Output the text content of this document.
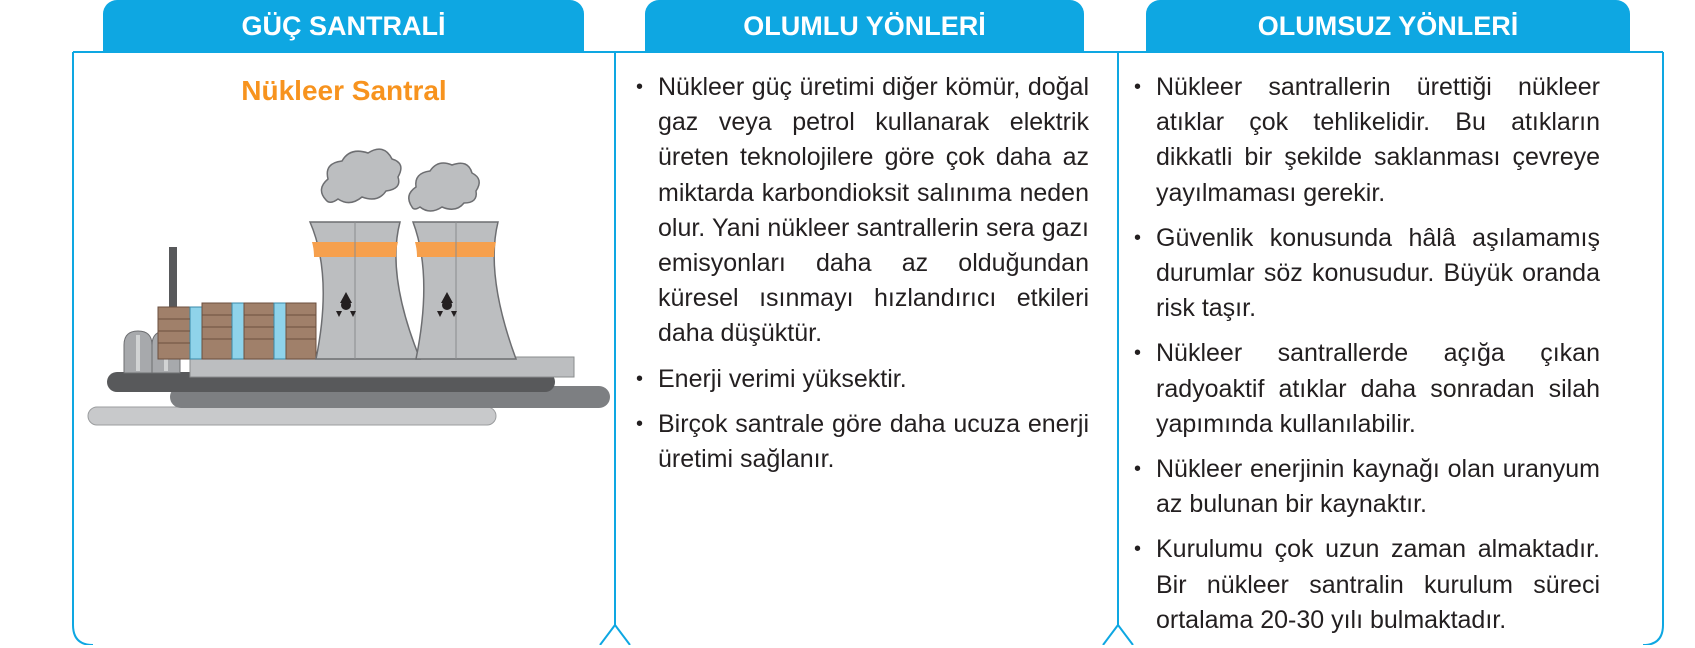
GÜÇ SANTRALİ	OLUMLU YÖNLERİ	OLUMSUZ YÖNLERİ
Nükleer Santral
•	Nükleer güç üretimi diğer kömür, doğal gaz veya petrol kullanarak elektrik üreten teknolojilere göre çok daha az miktarda karbondioksit salınıma neden olur. Yani nükleer santrallerin sera gazı emisyonları daha az olduğundan küresel ısınmayı hızlandırıcı etkileri daha düşüktür.
• Enerji verimi yüksektir.
• Birçok santrale göre daha ucuza enerji üretimi sağlanır.
• Nükleer santrallerin ürettiği nükleer atıklar çok tehlikelidir. Bu atıkların dikkatli bir şekilde saklanması çevreye yayılmaması gerekir.
• Güvenlik konusunda hâlâ aşılamamış durumlar söz konusudur. Büyük oranda risk taşır.
• Nükleer santrallerde açığa çıkan radyoaktif atıklar daha sonradan silah yapımında kullanılabilir.
• Nükleer enerjinin kaynağı olan uranyum az bulunan bir kaynaktır.
• Kurulumu çok uzun zaman almaktadır. Bir nükleer santralin kurulum süreci ortalama 20-30 yılı bulmaktadır.
